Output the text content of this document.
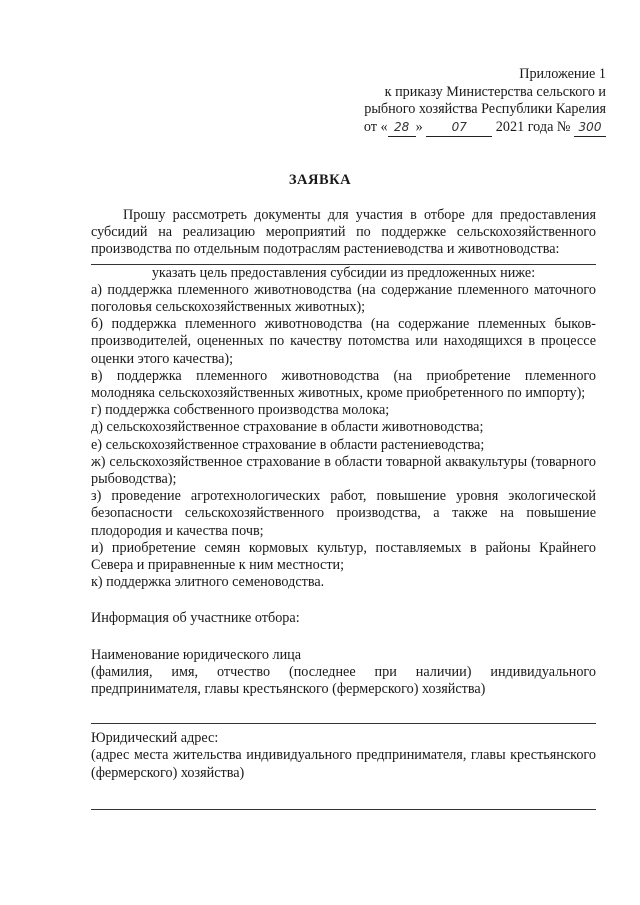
Приложение 1
к приказу Министерства сельского и
рыбного хозяйства Республики Карелия
от « 28 » 07 2021 года № 300
ЗАЯВКА

Прошу рассмотреть документы для участия в отборе для предоставления субсидий на реализацию мероприятий по поддержке сельскохозяйственного производства по отдельным подотраслям растениеводства и животноводства:

указать цель предоставления субсидии из предложенных ниже:

а) поддержка племенного животноводства (на содержание племенного маточного поголовья сельскохозяйственных животных);

б) поддержка племенного животноводства (на содержание племенных быков-производителей, оцененных по качеству потомства или находящихся в процессе оценки этого качества);

в) поддержка племенного животноводства (на приобретение племенного молодняка сельскохозяйственных животных, кроме приобретенного по импорту);

г) поддержка собственного производства молока;

д) сельскохозяйственное страхование в области животноводства;

е) сельскохозяйственное страхование в области растениеводства;

ж) сельскохозяйственное страхование в области товарной аквакультуры (товарного рыбоводства);

з) проведение агротехнологических работ, повышение уровня экологической безопасности сельскохозяйственного производства, а также на повышение плодородия и качества почв;

и) приобретение семян кормовых культур, поставляемых в районы Крайнего Севера и приравненные к ним местности;

к) поддержка элитного семеноводства.

Информация об участнике отбора:

Наименование юридического лица

(фамилия, имя, отчество (последнее при наличии) индивидуального предпринимателя, главы крестьянского (фермерского) хозяйства)

Юридический адрес:

(адрес места жительства индивидуального предпринимателя, главы крестьянского (фермерского) хозяйства)
